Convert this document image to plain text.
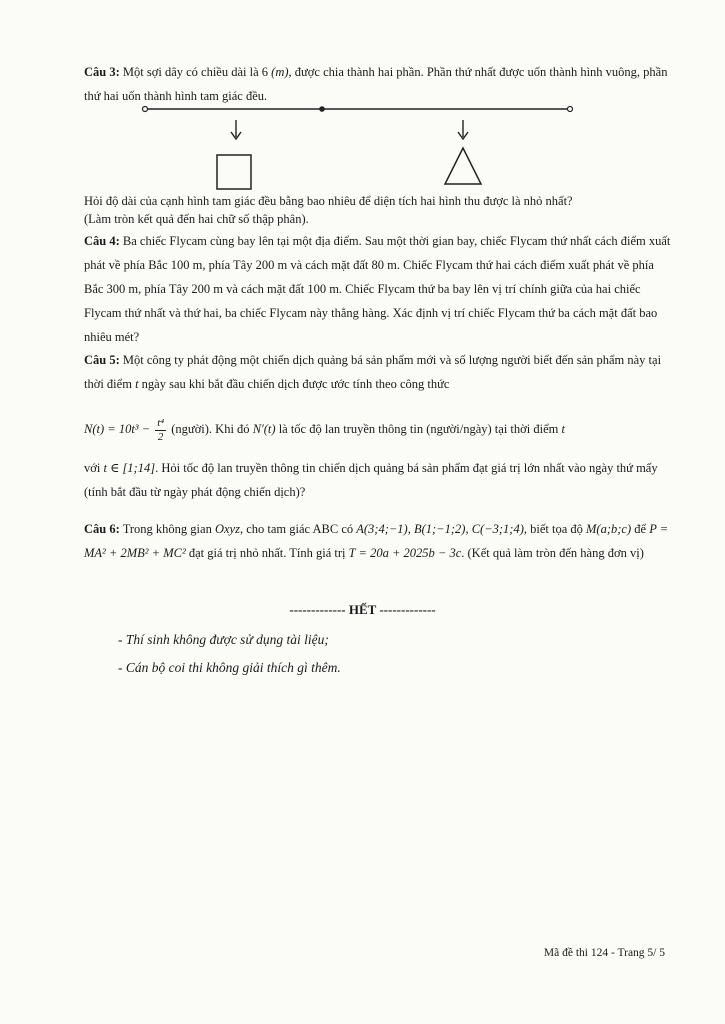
Câu 3: Một sợi dây có chiều dài là 6 (m), được chia thành hai phần. Phần thứ nhất được uốn thành hình vuông, phần thứ hai uốn thành hình tam giác đều.
Hỏi độ dài của cạnh hình tam giác đều bằng bao nhiêu để diện tích hai hình thu được là nhỏ nhất?
(Làm tròn kết quả đến hai chữ số thập phân).
Câu 4: Ba chiếc Flycam cùng bay lên tại một địa điểm. Sau một thời gian bay, chiếc Flycam thứ nhất cách điểm xuất phát về phía Bắc 100 m, phía Tây 200 m và cách mặt đất 80 m. Chiếc Flycam thứ hai cách điểm xuất phát về phía Bắc 300 m, phía Tây 200 m và cách mặt đất 100 m. Chiếc Flycam thứ ba bay lên vị trí chính giữa của hai chiếc Flycam thứ nhất và thứ hai, ba chiếc Flycam này thẳng hàng. Xác định vị trí chiếc Flycam thứ ba cách mặt đất bao nhiêu mét?
Câu 5: Một công ty phát động một chiến dịch quảng bá sản phẩm mới và số lượng người biết đến sản phẩm này tại thời điểm t ngày sau khi bắt đầu chiến dịch được ước tính theo công thức
$N(t) = 10t^3 - \frac{\text{t⁴}}{2}$ (người). Khi đó N′(t) là tốc độ lan truyền thông tin (người/ngày) tại thời điểm t
với t ∈ [1;14]. Hỏi tốc độ lan truyền thông tin chiến dịch quảng bá sản phẩm đạt giá trị lớn nhất vào ngày thứ mấy (tính bắt đầu từ ngày phát động chiến dịch)?
Câu 6: Trong không gian Oxyz, cho tam giác ABC có A(3;4;−1), B(1;−1;2), C(−3;1;4), biết tọa độ M(a;b;c) để P = MA² + 2MB² + MC² đạt giá trị nhỏ nhất. Tính giá trị T = 20a + 2025b − 3c. (Kết quả làm tròn đến hàng đơn vị)
------------- HẾT -------------
- Thí sinh không được sử dụng tài liệu;
- Cán bộ coi thi không giải thích gì thêm.
Mã đề thi 124 - Trang 5/ 5
